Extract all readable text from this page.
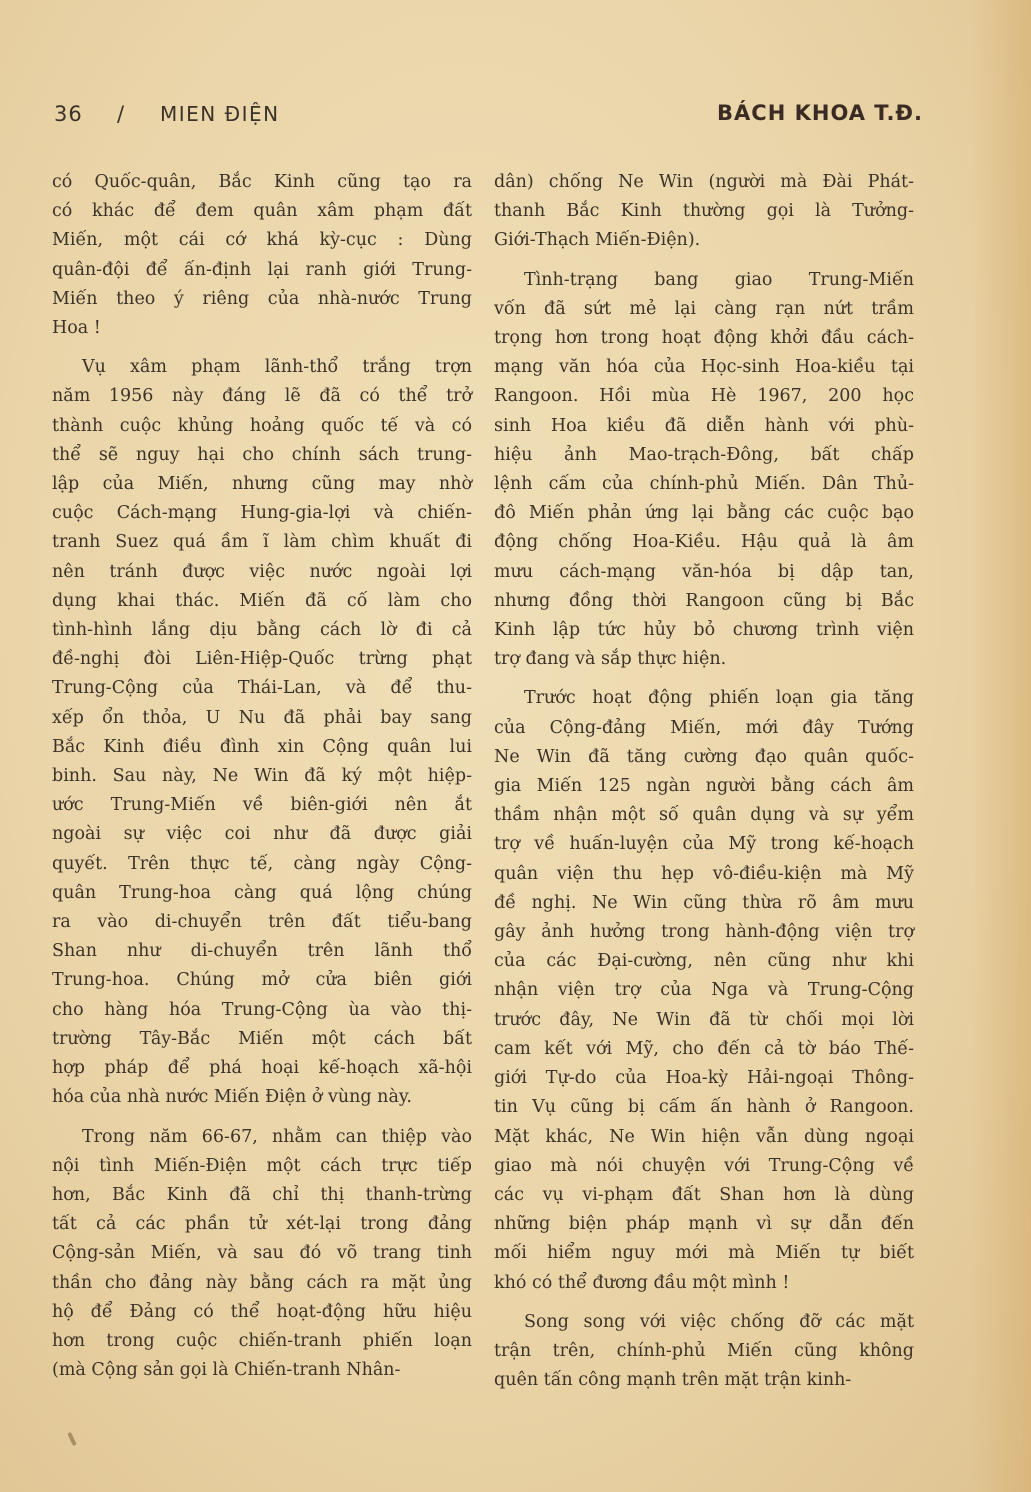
36 / MIEN ĐIỆN	BÁCH KHOA T.Đ.
có Quốc-quân, Bắc Kinh cũng tạo ra
có khác để đem quân xâm phạm đất
Miến, một cái cớ khá kỳ-cục : Dùng
quân-đội để ấn-định lại ranh giới Trung-
Miến theo ý riêng của nhà-nước Trung
Hoa !
Vụ xâm phạm lãnh-thổ trắng trợn
năm 1956 này đáng lẽ đã có thể trở
thành cuộc khủng hoảng quốc tế và có
thể sẽ nguy hại cho chính sách trung-
lập của Miến, nhưng cũng may nhờ
cuộc Cách-mạng Hung-gia-lợi và chiến-
tranh Suez quá ầm ĩ làm chìm khuất đi
nên tránh được việc nước ngoài lợi
dụng khai thác. Miến đã cố làm cho
tình-hình lắng dịu bằng cách lờ đi cả
đề-nghị đòi Liên-Hiệp-Quốc trừng phạt
Trung-Cộng của Thái-Lan, và để thu-
xếp ổn thỏa, U Nu đã phải bay sang
Bắc Kinh điều đình xin Cộng quân lui
binh. Sau này, Ne Win đã ký một hiệp-
ước Trung-Miến về biên-giới nên ắt
ngoài sự việc coi như đã được giải
quyết. Trên thực tế, càng ngày Cộng-
quân Trung-hoa càng quá lộng chúng
ra vào di-chuyển trên đất tiểu-bang
Shan như di-chuyển trên lãnh thổ
Trung-hoa. Chúng mở cửa biên giới
cho hàng hóa Trung-Cộng ùa vào thị-
trường Tây-Bắc Miến một cách bất
hợp pháp để phá hoại kế-hoạch xã-hội
hóa của nhà nước Miến Điện ở vùng này.
Trong năm 66-67, nhằm can thiệp vào
nội tình Miến-Điện một cách trực tiếp
hơn, Bắc Kinh đã chỉ thị thanh-trừng
tất cả các phần tử xét-lại trong đảng
Cộng-sản Miến, và sau đó võ trang tinh
thần cho đảng này bằng cách ra mặt ủng
hộ để Đảng có thể hoạt-động hữu hiệu
hơn trong cuộc chiến-tranh phiến loạn
(mà Cộng sản gọi là Chiến-tranh Nhân-
dân) chống Ne Win (người mà Đài Phát-
thanh Bắc Kinh thường gọi là Tưởng-
Giới-Thạch Miến-Điện).
Tình-trạng bang giao Trung-Miến
vốn đã sứt mẻ lại càng rạn nứt trầm
trọng hơn trong hoạt động khởi đầu cách-
mạng văn hóa của Học-sinh Hoa-kiều tại
Rangoon. Hồi mùa Hè 1967, 200 học
sinh Hoa kiều đã diễn hành với phù-
hiệu ảnh Mao-trạch-Đông, bất chấp
lệnh cấm của chính-phủ Miến. Dân Thủ-
đô Miến phản ứng lại bằng các cuộc bạo
động chống Hoa-Kiều. Hậu quả là âm
mưu cách-mạng văn-hóa bị dập tan,
nhưng đồng thời Rangoon cũng bị Bắc
Kinh lập tức hủy bỏ chương trình viện
trợ đang và sắp thực hiện.
Trước hoạt động phiến loạn gia tăng
của Cộng-đảng Miến, mới đây Tướng
Ne Win đã tăng cường đạo quân quốc-
gia Miến 125 ngàn người bằng cách âm
thầm nhận một số quân dụng và sự yểm
trợ về huấn-luyện của Mỹ trong kế-hoạch
quân viện thu hẹp vô-điều-kiện mà Mỹ
đề nghị. Ne Win cũng thừa rõ âm mưu
gây ảnh hưởng trong hành-động viện trợ
của các Đại-cường, nên cũng như khi
nhận viện trợ của Nga và Trung-Cộng
trước đây, Ne Win đã từ chối mọi lời
cam kết với Mỹ, cho đến cả tờ báo Thế-
giới Tự-do của Hoa-kỳ Hải-ngoại Thông-
tin Vụ cũng bị cấm ấn hành ở Rangoon.
Mặt khác, Ne Win hiện vẫn dùng ngoại
giao mà nói chuyện với Trung-Cộng về
các vụ vi-phạm đất Shan hơn là dùng
những biện pháp mạnh vì sự dẫn đến
mối hiểm nguy mới mà Miến tự biết
khó có thể đương đầu một mình !
Song song với việc chống đỡ các mặt
trận trên, chính-phủ Miến cũng không
quên tấn công mạnh trên mặt trận kinh-
